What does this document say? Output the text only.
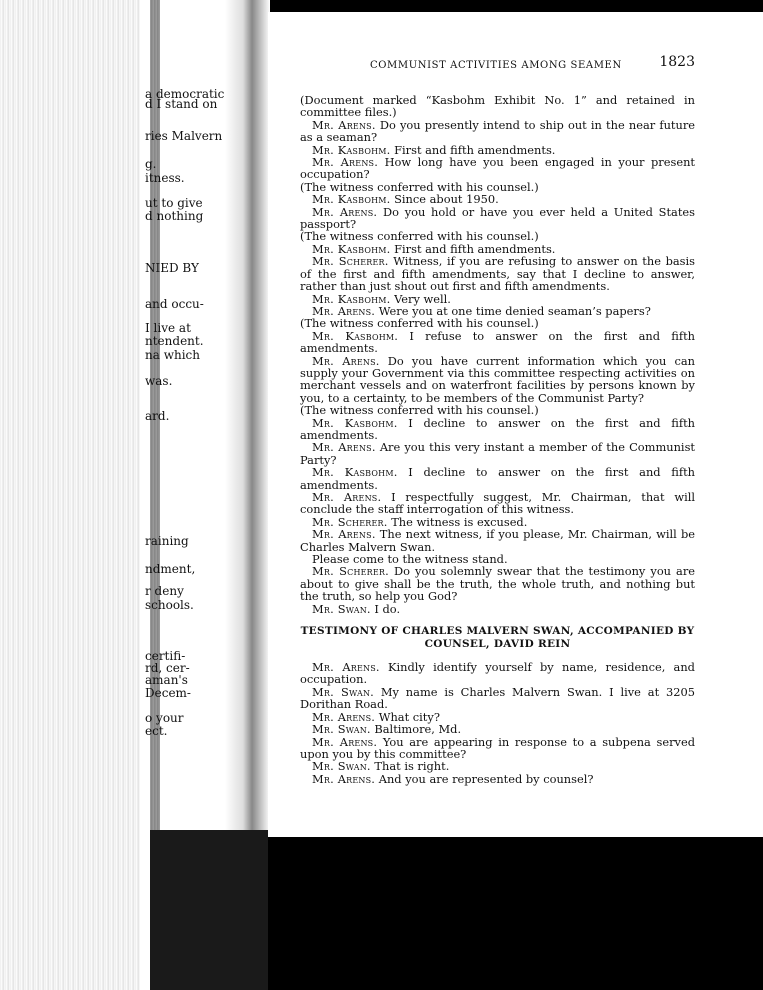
a democratic
d I stand on
ries Malvern
g.
itness.
ut to give
d nothing
NIED BY
and occu-
I live at
ntendent.
na which
was.
ard.
raining
ndment,
r deny
schools.
certifi-
rd, cer-
aman's
Decem-
o your
ect.
COMMUNIST ACTIVITIES AMONG SEAMEN	1823

(Document marked “Kasbohm Exhibit No. 1” and retained in committee files.)

Mr. Arens. Do you presently intend to ship out in the near future as a seaman?

Mr. Kasbohm. First and fifth amendments.

Mr. Arens. How long have you been engaged in your present occupation?

(The witness conferred with his counsel.)

Mr. Kasbohm. Since about 1950.

Mr. Arens. Do you hold or have you ever held a United States passport?

(The witness conferred with his counsel.)

Mr. Kasbohm. First and fifth amendments.

Mr. Scherer. Witness, if you are refusing to answer on the basis of the first and fifth amendments, say that I decline to answer, rather than just shout out first and fifth amendments.

Mr. Kasbohm. Very well.

Mr. Arens. Were you at one time denied seaman’s papers?

(The witness conferred with his counsel.)

Mr. Kasbohm. I refuse to answer on the first and fifth amendments.

Mr. Arens. Do you have current information which you can supply your Government via this committee respecting activities on merchant vessels and on waterfront facilities by persons known by you, to a certainty, to be members of the Communist Party?

(The witness conferred with his counsel.)

Mr. Kasbohm. I decline to answer on the first and fifth amendments.

Mr. Arens. Are you this very instant a member of the Communist Party?

Mr. Kasbohm. I decline to answer on the first and fifth amendments.

Mr. Arens. I respectfully suggest, Mr. Chairman, that will conclude the staff interrogation of this witness.

Mr. Scherer. The witness is excused.

Mr. Arens. The next witness, if you please, Mr. Chairman, will be Charles Malvern Swan.

Please come to the witness stand.

Mr. Scherer. Do you solemnly swear that the testimony you are about to give shall be the truth, the whole truth, and nothing but the truth, so help you God?

Mr. Swan. I do.

TESTIMONY OF CHARLES MALVERN SWAN, ACCOMPANIED BY COUNSEL, DAVID REIN

Mr. Arens. Kindly identify yourself by name, residence, and occupation.

Mr. Swan. My name is Charles Malvern Swan. I live at 3205 Dorithan Road.

Mr. Arens. What city?

Mr. Swan. Baltimore, Md.

Mr. Arens. You are appearing in response to a subpena served upon you by this committee?

Mr. Swan. That is right.

Mr. Arens. And you are represented by counsel?
